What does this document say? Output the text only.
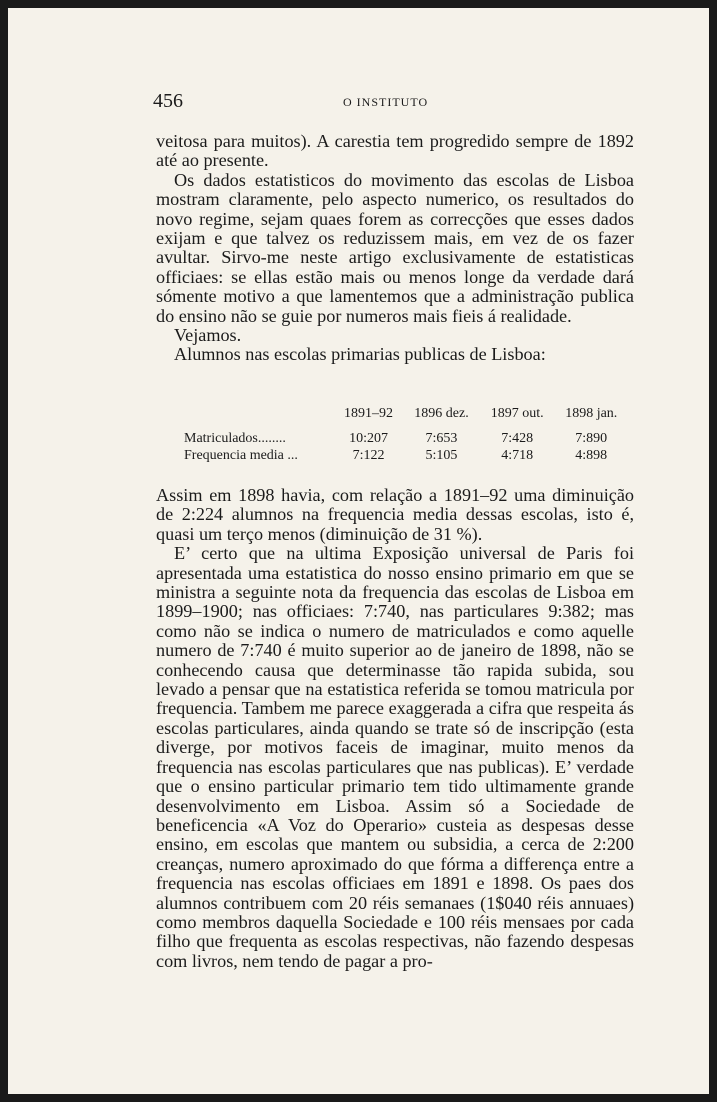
456	O INSTITUTO

veitosa para muitos). A carestia tem progredido sempre de 1892 até ao presente.

Os dados estatisticos do movimento das escolas de Lisboa mostram claramente, pelo aspecto numerico, os resultados do novo regime, sejam quaes forem as correcções que esses dados exijam e que talvez os reduzissem mais, em vez de os fazer avultar. Sirvo-me neste artigo exclusivamente de estatisticas officiaes: se ellas estão mais ou menos longe da verdade dará sómente motivo a que lamentemos que a administração publica do ensino não se guie por numeros mais fieis á realidade.

Vejamos.

Alumnos nas escolas primarias publicas de Lisboa:

	1891–92	1896 dez.	1897 out.	1898 jan.
Matriculados........	10:207	7:653	7:428	7:890
Frequencia media ...	7:122	5:105	4:718	4:898

Assim em 1898 havia, com relação a 1891–92 uma diminuição de 2:224 alumnos na frequencia media dessas escolas, isto é, quasi um terço menos (diminuição de 31 %).

E’ certo que na ultima Exposição universal de Paris foi apresentada uma estatistica do nosso ensino primario em que se ministra a seguinte nota da frequencia das escolas de Lisboa em 1899–1900; nas officiaes: 7:740, nas particulares 9:382; mas como não se indica o numero de matriculados e como aquelle numero de 7:740 é muito superior ao de janeiro de 1898, não se conhecendo causa que determinasse tão rapida subida, sou levado a pensar que na estatistica referida se tomou matricula por frequencia. Tambem me parece exaggerada a cifra que respeita ás escolas particulares, ainda quando se trate só de inscripção (esta diverge, por motivos faceis de imaginar, muito menos da frequencia nas escolas particulares que nas publicas). E’ verdade que o ensino particular primario tem tido ultimamente grande desenvolvimento em Lisboa. Assim só a Sociedade de beneficencia «A Voz do Operario» custeia as despesas desse ensino, em escolas que mantem ou subsidia, a cerca de 2:200 creanças, numero aproximado do que fórma a differença entre a frequencia nas escolas officiaes em 1891 e 1898. Os paes dos alumnos contribuem com 20 réis semanaes (1$040 réis annuaes) como membros daquella Sociedade e 100 réis mensaes por cada filho que frequenta as escolas respectivas, não fazendo despesas com livros, nem tendo de pagar a pro-
